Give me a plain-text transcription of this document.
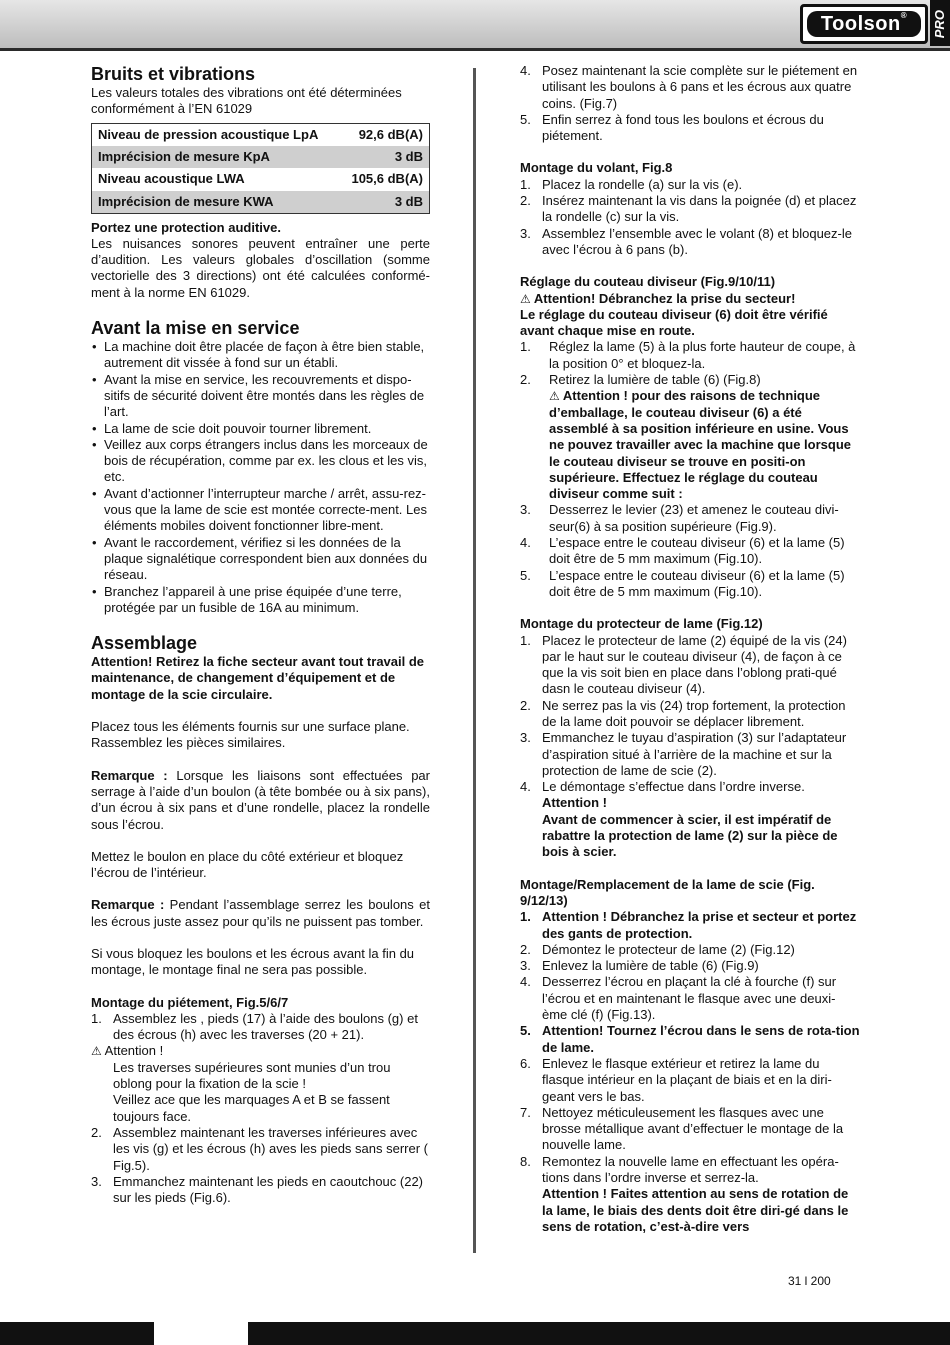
Toolson®	PRO
Bruits et vibrations

Les valeurs totales des vibrations ont été déterminées conformément à l’EN 61029

Niveau de pression acoustique LpA	92,6 dB(A)
Imprécision de mesure KpA	3 dB
Niveau acoustique LWA	105,6 dB(A)
Imprécision de mesure KWA	3 dB

Portez une protection auditive.

Les nuisances sonores peuvent entraîner une perte d’audition. Les valeurs globales d’oscillation (somme vectorielle des 3 directions) ont été calculées conformé-ment à la norme EN 61029.

Avant la mise en service
• La machine doit être placée de façon à être bien stable, autrement dit vissée à fond sur un établi.
• Avant la mise en service, les recouvrements et dispo-sitifs de sécurité doivent être montés dans les règles de l’art.
• La lame de scie doit pouvoir tourner librement.
• Veillez aux corps étrangers inclus dans les morceaux de bois de récupération, comme par ex. les clous et les vis, etc.
• Avant d’actionner l’interrupteur marche / arrêt, assu-rez-vous que la lame de scie est montée correcte-ment. Les éléments mobiles doivent fonctionner libre-ment.
• Avant le raccordement, vérifiez si les données de la plaque signalétique correspondent bien aux données du réseau.
• Branchez l’appareil à une prise équipée d’une terre, protégée par un fusible de 16A au minimum.
Assemblage

Attention! Retirez la fiche secteur avant tout travail de maintenance, de changement d’équipement et de montage de la scie circulaire.

Placez tous les éléments fournis sur une surface plane. Rassemblez les pièces similaires.

Remarque : Lorsque les liaisons sont effectuées par serrage à l’aide d’un boulon (à tête bombée ou à six pans), d’un écrou à six pans et d’une rondelle, placez la rondelle sous l’écrou.

Mettez le boulon en place du côté extérieur et bloquez l’écrou de l’intérieur.

Remarque : Pendant l’assemblage serrez les boulons et les écrous juste assez pour qu’ils ne puissent pas tomber.

Si vous bloquez les boulons et les écrous avant la fin du montage, le montage final ne sera pas possible.

Montage du piétement, Fig.5/6/7
1. Assemblez les , pieds (17) à l’aide des boulons (g) et des écrous (h) avec les traverses (20 + 21).
⚠ Attention !
Les traverses supérieures sont munies d’un trou oblong pour la fixation de la scie !
Veillez ace que les marquages A et B se fassent toujours face.
2. Assemblez maintenant les traverses inférieures avec les vis (g) et les écrous (h) aves les pieds sans serrer ( Fig.5).
3. Emmanchez maintenant les pieds en caoutchouc (22) sur les pieds (Fig.6).
4. Posez maintenant la scie complète sur le piétement en utilisant les boulons à 6 pans et les écrous aux quatre coins. (Fig.7)
5. Enfin serrez à fond tous les boulons et écrous du piétement.
Montage du volant, Fig.8
1. Placez la rondelle (a) sur la vis (e).
2. Insérez maintenant la vis dans la poignée (d) et placez la rondelle (c) sur la vis.
3. Assemblez l’ensemble avec le volant (8) et bloquez-le avec l’écrou à 6 pans (b).
Réglage du couteau diviseur (Fig.9/10/11)

⚠ Attention! Débranchez la prise du secteur!

Le réglage du couteau diviseur (6) doit être vérifié avant chaque mise en route.

1. Réglez la lame (5) à la plus forte hauteur de coupe, à la position 0° et bloquez-la.
2. Retirez la lumière de table (6) (Fig.8)
⚠ Attention ! pour des raisons de technique d’emballage, le couteau diviseur (6) a été assemblé à sa position inférieure en usine. Vous ne pouvez travailler avec la machine que lorsque le couteau diviseur se trouve en positi-on supérieure. Effectuez le réglage du couteau diviseur comme suit :
3. Desserrez le levier (23) et amenez le couteau divi-seur(6) à sa position supérieure (Fig.9).
4. L’espace entre le couteau diviseur (6) et la lame (5) doit être de 5 mm maximum (Fig.10).
5. L’espace entre le couteau diviseur (6) et la lame (5) doit être de 5 mm maximum (Fig.10).
Montage du protecteur de lame (Fig.12)
1. Placez le protecteur de lame (2) équipé de la vis (24) par le haut sur le couteau diviseur (4), de façon à ce que la vis soit bien en place dans l’oblong prati-qué dasn le couteau diviseur (4).
2. Ne serrez pas la vis (24) trop fortement, la protection de la lame doit pouvoir se déplacer librement.
3. Emmanchez le tuyau d’aspiration (3) sur l’adaptateur d’aspiration situé à l’arrière de la machine et sur la protection de lame de scie (2).
4. Le démontage s’effectue dans l’ordre inverse.
Attention !
Avant de commencer à scier, il est impératif de rabattre la protection de lame (2) sur la pièce de bois à scier.
Montage/Remplacement de la lame de scie (Fig. 9/12/13)
1. Attention ! Débranchez la prise et secteur et portez des gants de protection.
2. Démontez le protecteur de lame (2) (Fig.12)
3. Enlevez la lumière de table (6) (Fig.9)
4. Desserrez l’écrou en plaçant la clé à fourche (f) sur l’écrou et en maintenant le flasque avec une deuxi-ème clé (f) (Fig.13).
5. Attention! Tournez l’écrou dans le sens de rota-tion de lame.
6. Enlevez le flasque extérieur et retirez la lame du flasque intérieur en la plaçant de biais et en la diri-geant vers le bas.
7. Nettoyez méticuleusement les flasques avec une brosse métallique avant d’effectuer le montage de la nouvelle lame.
8. Remontez la nouvelle lame en effectuant les opéra-tions dans l’ordre inverse et serrez-la.
Attention ! Faites attention au sens de rotation de la lame, le biais des dents doit être diri-gé dans le sens de rotation, c’est-à-dire vers
31 l 200
